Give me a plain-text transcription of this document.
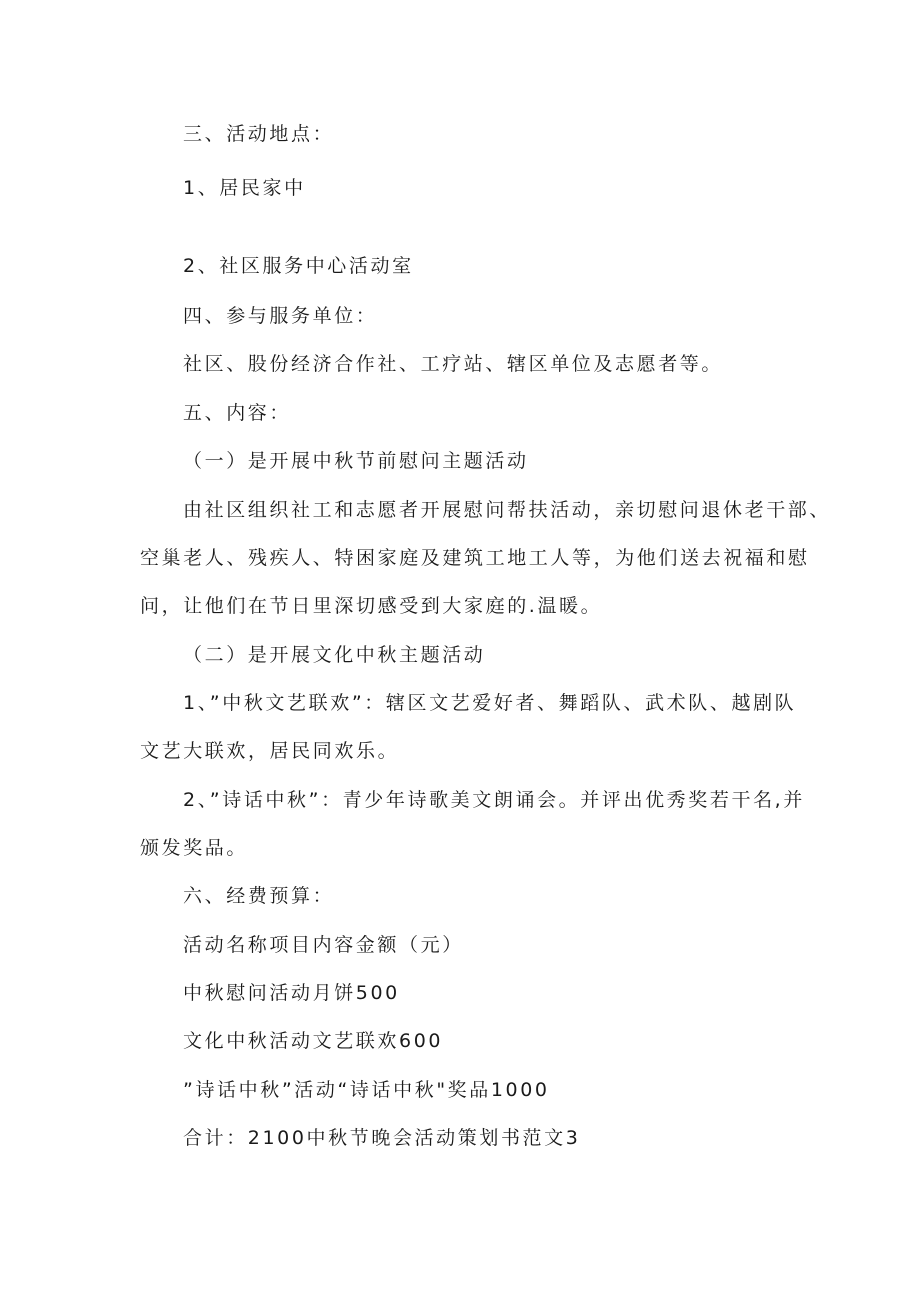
三、活动地点：
1、居民家中
2、社区服务中心活动室
四、参与服务单位：
社区、股份经济合作社、工疗站、辖区单位及志愿者等。
五、内容：
（一）是开展中秋节前慰问主题活动
由社区组织社工和志愿者开展慰问帮扶活动，亲切慰问退休老干部、
空巢老人、残疾人、特困家庭及建筑工地工人等，为他们送去祝福和慰
问，让他们在节日里深切感受到大家庭的.温暖。
（二）是开展文化中秋主题活动
1、”中秋文艺联欢”：辖区文艺爱好者、舞蹈队、武术队、越剧队
文艺大联欢，居民同欢乐。
2、”诗话中秋”：青少年诗歌美文朗诵会。并评出优秀奖若干名,并
颁发奖品。
六、经费预算：
活动名称项目内容金额（元）
中秋慰问活动月饼500
文化中秋活动文艺联欢600
”诗话中秋”活动“诗话中秋"奖品1000
合计：2100中秋节晚会活动策划书范文3
